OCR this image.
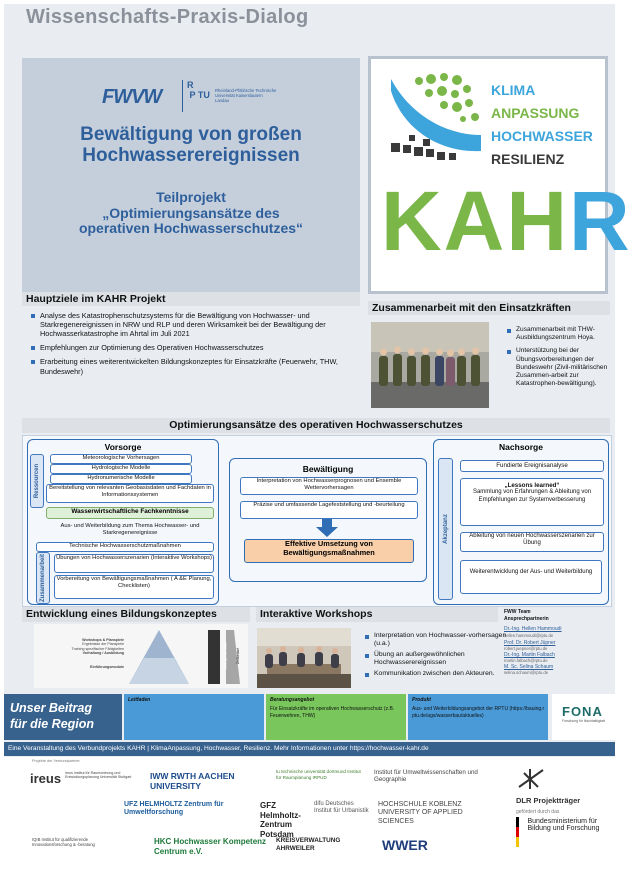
Wissenschafts-Praxis-Dialog
FWVW
R
P TU Rheinland-Pfälzische Technische Universität Kaiserslautern Landau
Bewältigung von großen
Hochwasserereignissen
Teilprojekt
„Optimierungsansätze des
operativen Hochwasserschutzes“
KLIMA
ANPASSUNG
HOCHWASSER
RESILIENZ
KAHR
Hauptziele im KAHR Projekt
Analyse des Katastrophenschutzsystems für die Bewältigung von Hochwasser- und Starkregenereignissen in NRW und RLP und deren Wirksamkeit bei der Bewältigung der Hochwasserkatastrophe im Ahrtal im Juli 2021
Empfehlungen zur Optimierung des Operativen Hochwasserschutzes
Erarbeitung eines weiterentwickelten Bildungskonzeptes für Einsatzkräfte (Feuerwehr, THW, Bundeswehr)
Zusammenarbeit mit den Einsatzkräften
Zusammenarbeit mit THW-Ausbildungszentrum Hoya.
Unterstützung bei der Übungsvorbereitungen der Bundeswehr (Zivil-militärischen Zusammen-arbeit zur Katastrophen-bewältigung).
Optimierungsansätze des operativen Hochwasserschutzes
Vorsorge
Ressourcen
Meteorologische Vorhersagen
Hydrologische Modelle
Hydronumerische Modelle
Bereitstellung von relevanten Geobasisdaten und Fachdaten in Informationssystemen
Wasserwirtschaftliche Fachkenntnisse
Aus- und Weiterbildung zum Thema Hochwasser- und Starkregenereignisse
Technische Hochwasserschutzmaßnahmen
Zusammenarbeit	Übungen von Hochwasserszenarien (Interaktive Workshops)
Vorbereitung von Bewältigungsmaßnahmen ( A &E Planung, Checklisten)
Bewältigung
Interpretation von Hochwasserprognosen und Ensemble Wettervorhersagen
Präzise und umfassende Lagefeststellung und -beurteilung
Effektive Umsetzung von Bewältigungsmaßnahmen
Nachsorge
Akzeptanz
Fundierte Ereignisanalyse
„Lessons learned“
Sammlung von Erfahrungen & Ableitung von Empfehlungen zur Systemverbesserung
Ableitung von neuen Hochwasserszenarien zur Übung
Weiterentwicklung der Aus- und Weiterbildung
Entwicklung eines Bildungskonzeptes
Workshops & Planspiele
Ergebnisse der Planspiele
Training spezifischer Fähigkeiten
Vorhaltung / Ausbildung
Einführungsmodule	Übungsintensität Zeitbedarf
Interaktive Workshops
Interpretation von Hochwasser-vorhersagen (u.a.)
Übung an außergewöhnlichen Hochwasserereignissen
Kommunikation zwischen den Akteuren.
FWW Team
Ansprechpartnerin
Dr.-Ing. Hellen Hammoudi
hellen.hammoudi@rptu.de
Prof. Dr. Robert Jüpner
robert.juepner@rptu.de
Dr.-Ing. Martin Falbach
martin.falbach@rptu.de
M. Sc. Selina Schaum
selina.schaum@rptu.de
Unser Beitrag
für die Region
Leitfaden	Beratungsangebot
Für Einsatzkräfte im operativen Hochwasserschutz (z.B. Feuerwehren, THW)
Produkt
Aus- und Weiterbildungsangebot der RPTU (https://bauing.rptu.de/ags/wasserbau/aktuelles)	FONA
Forschung für Nachhaltigkeit
Eine Veranstaltung des Verbundprojekts KAHR | KlimaAnpassung, Hochwasser, Resilienz. Mehr Informationen unter https://hochwasser-kahr.de
Projekte der Verbundpartner
ireus ireus Institut für Raumordnung und Entwicklungsplanung Universität Stuttgart	IWW RWTH AACHEN UNIVERSITY
tu technische universität dortmund Institut für Raumplanung IRPUD
Institut für Umweltwissenschaften und Geographie
DLR Projektträger
UFZ HELMHOLTZ Zentrum für Umweltforschung
GFZ Helmholtz-Zentrum Potsdam
difu Deutsches Institut für Urbanistik
HOCHSCHULE KOBLENZ UNIVERSITY OF APPLIED SCIENCES
gefördert durch das
Bundesministerium für Bildung und Forschung
IQIB Institut für qualifizierende Innovationsforschung & -beratung	HKC Hochwasser Kompetenz Centrum e.V.
KREISVERWALTUNG AHRWEILER	WWER
